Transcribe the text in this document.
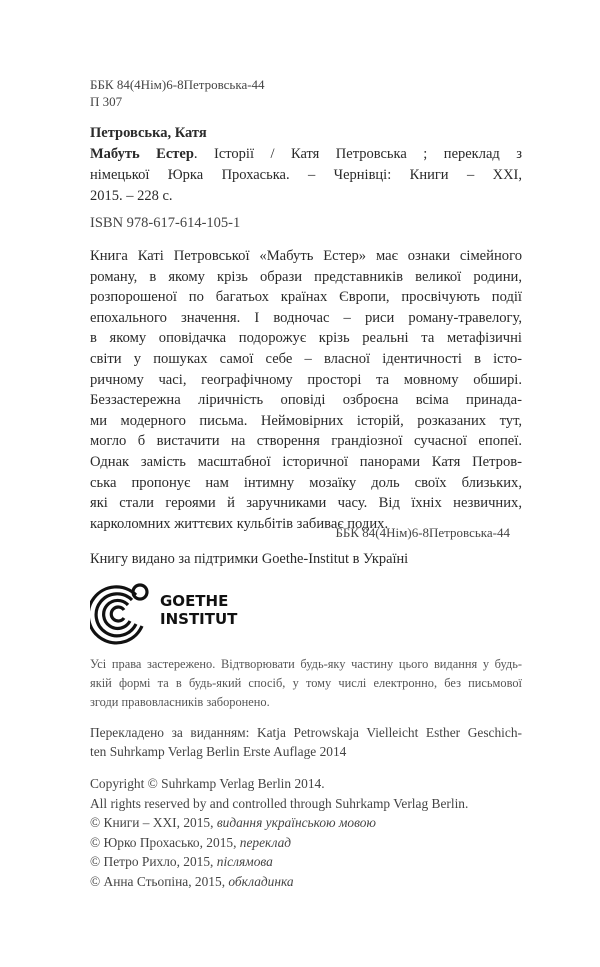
ББК 84(4Нім)6-8Петровська-44
П 307
Петровська, Катя
Мабуть Естер. Історії / Катя Петровська ; переклад з
німецької Юрка Прохаська. – Чернівці: Книги – XXI,
2015. – 228 с.
ISBN 978-617-614-105-1
Книга Каті Петровської «Мабуть Естер» має ознаки сімейного
роману, в якому крізь образи представників великої родини,
розпорошеної по багатьох країнах Європи, просвічують події
епохального значення. І водночас – риси роману-травелогу,
в якому оповідачка подорожує крізь реальні та метафізичні
світи у пошуках самої себе – власної ідентичності в істо-
ричному часі, географічному просторі та мовному обширі.
Беззастережна ліричність оповіді озброєна всіма принада-
ми модерного письма. Неймовірних історій, розказаних тут,
могло б вистачити на створення грандіозної сучасної епопеї.
Однак замість масштабної історичної панорами Катя Петров-
ська пропонує нам інтимну мозаїку доль своїх близьких,
які стали героями й заручниками часу. Від їхніх незвичних,
карколомних життєвих кульбітів забиває подих.
ББК 84(4Нім)6-8Петровська-44
Книгу видано за підтримки Goethe-Institut в Україні
GOETHE
INSTITUT
Усі права застережено. Відтворювати будь-яку частину цього видання у будь-
якій формі та в будь-який спосіб, у тому числі електронно, без письмової
згоди правовласників заборонено.
Перекладено за виданням: Katja Petrowskaja Vielleicht Esther Geschich-
ten Suhrkamp Verlag Berlin Erste Auflage 2014
Copyright © Suhrkamp Verlag Berlin 2014.
All rights reserved by and controlled through Suhrkamp Verlag Berlin.
© Книги – XXI, 2015, видання українською мовою
© Юрко Прохасько, 2015, переклад
© Петро Рихло, 2015, післямова
© Анна Стьопіна, 2015, обкладинка
